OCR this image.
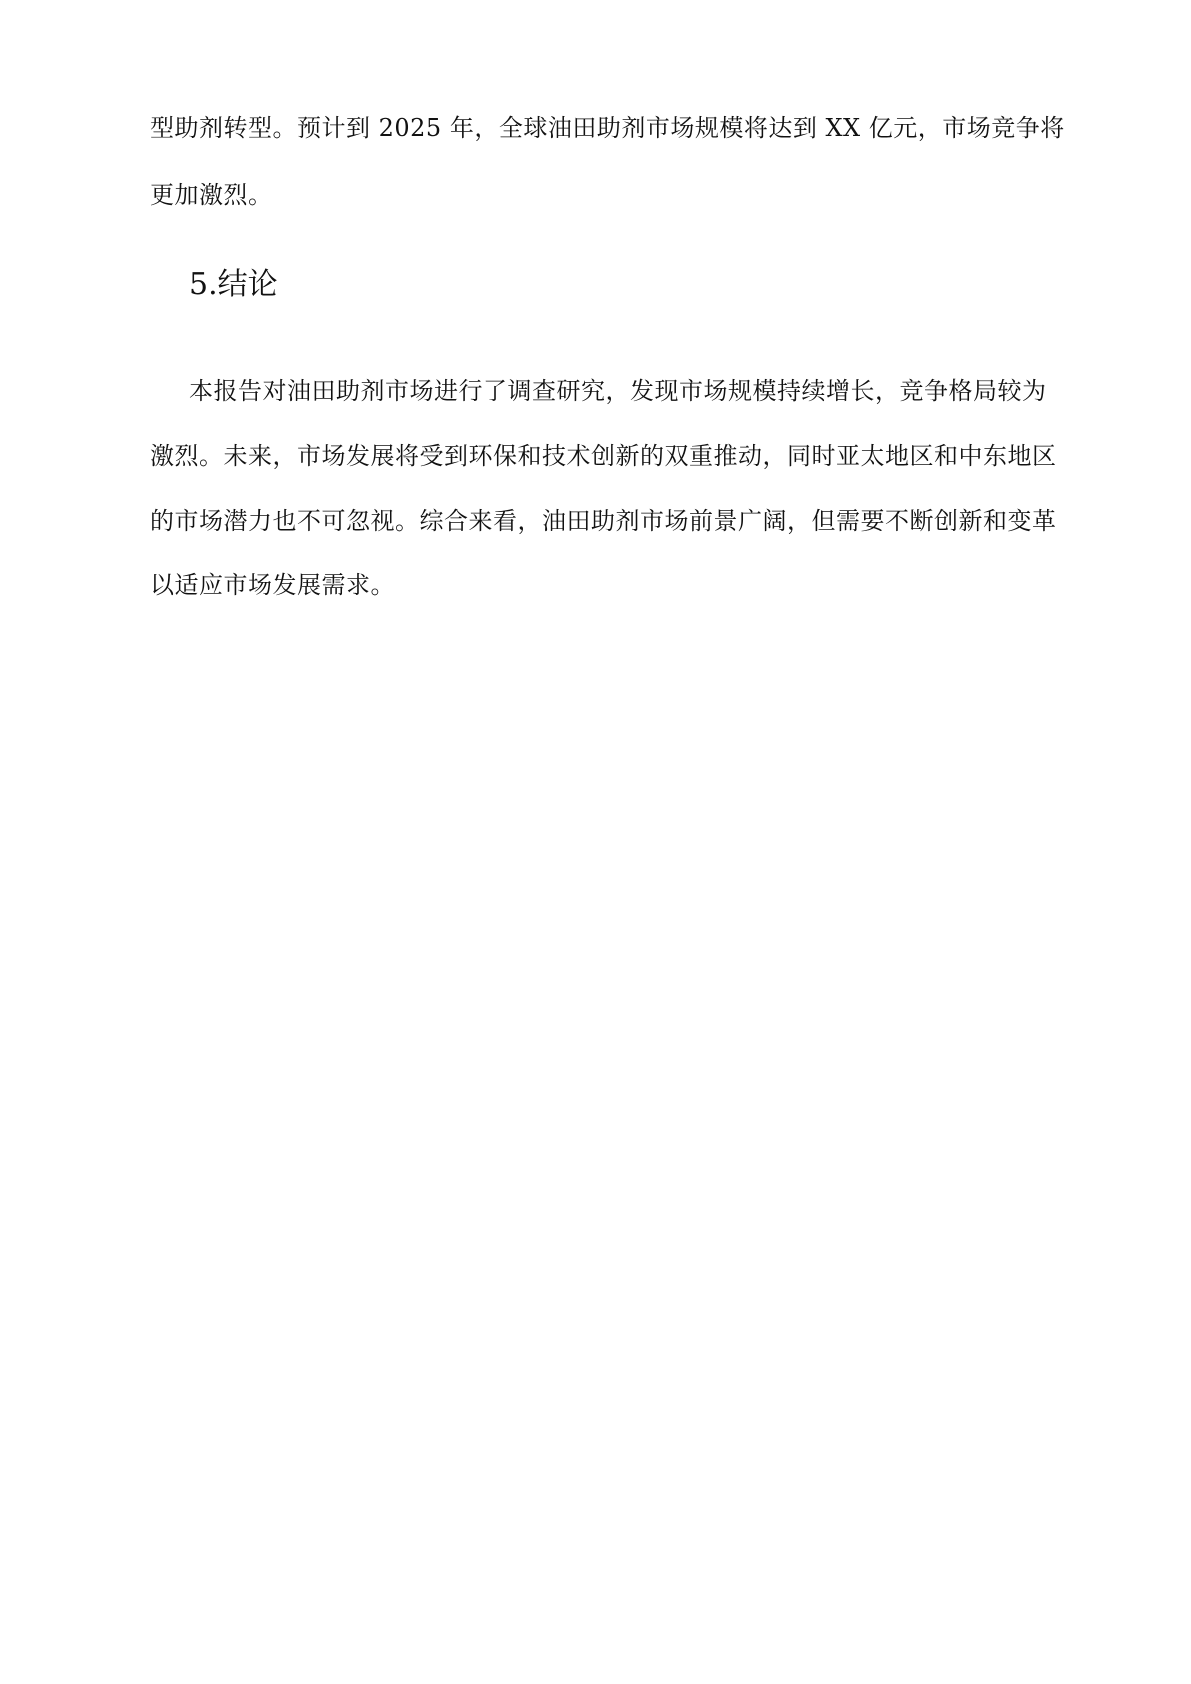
型助剂转型。预计到 2025 年，全球油田助剂市场规模将达到 XX 亿元，市场竞争将
更加激烈。
5.结论
本报告对油田助剂市场进行了调查研究，发现市场规模持续增长，竞争格局较为
激烈。未来，市场发展将受到环保和技术创新的双重推动，同时亚太地区和中东地区
的市场潜力也不可忽视。综合来看，油田助剂市场前景广阔，但需要不断创新和变革
以适应市场发展需求。
